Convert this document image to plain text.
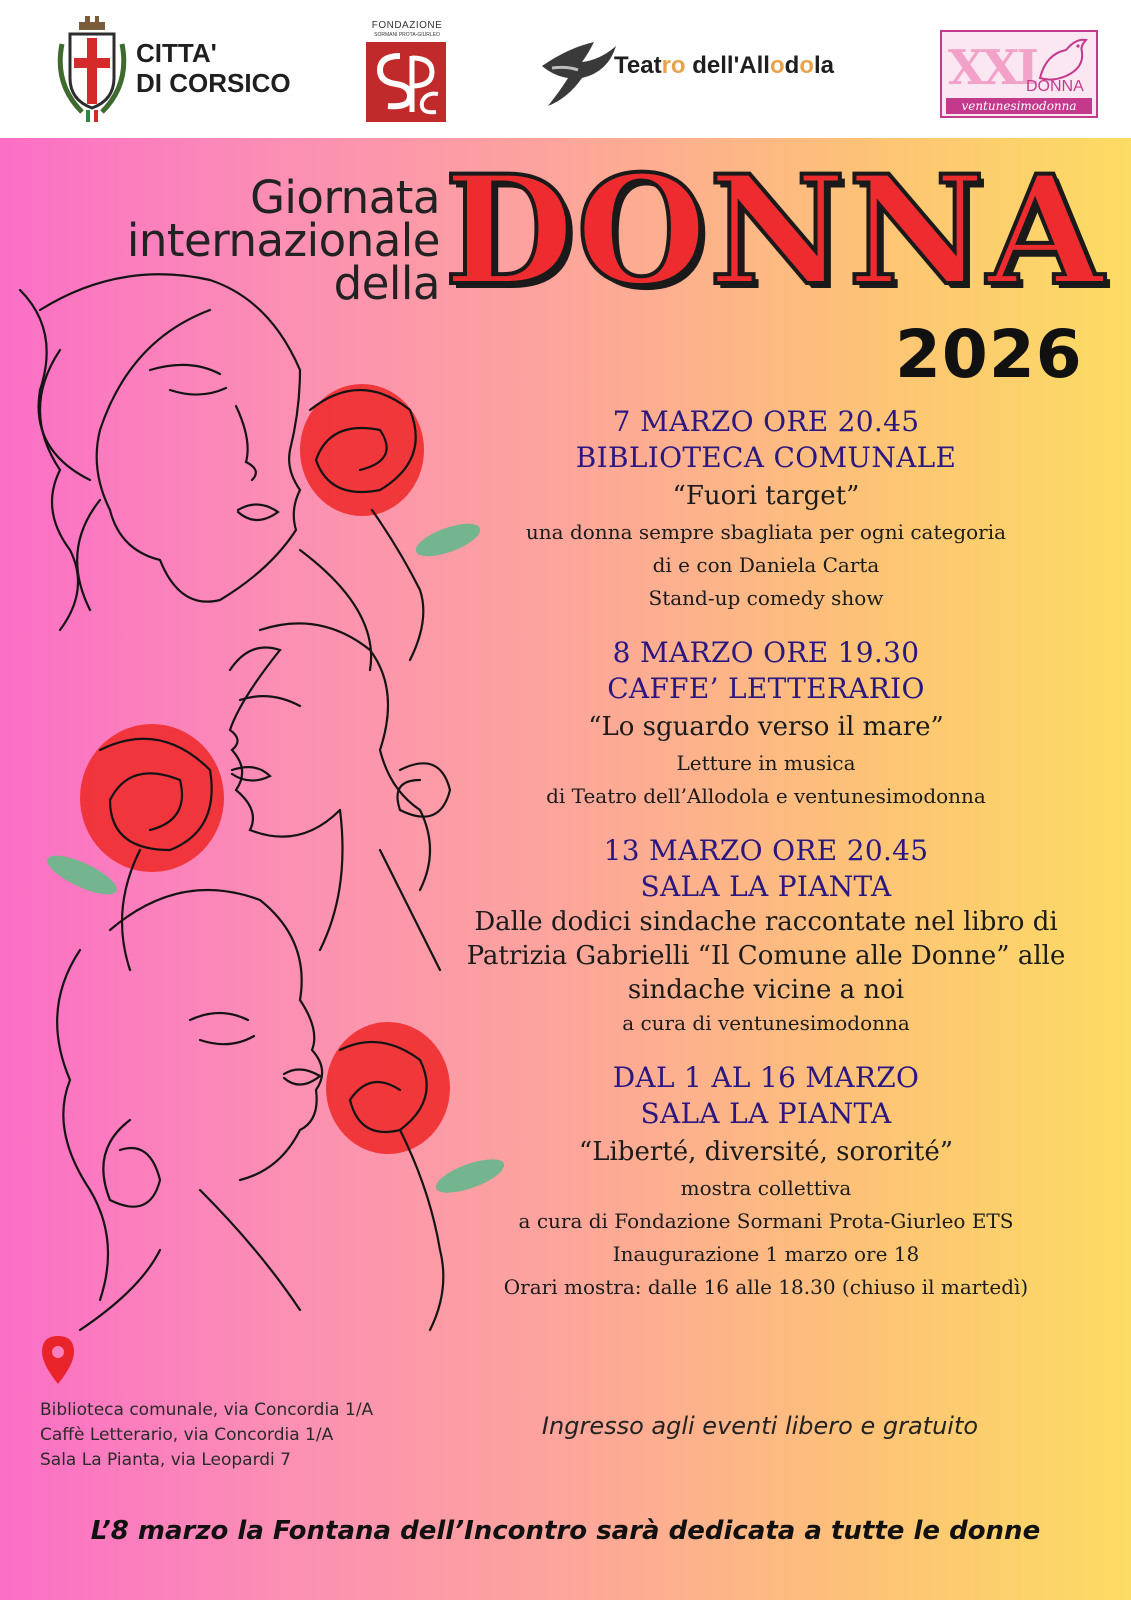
CITTA'
DI CORSICO
FONDAZIONE
SORMANI PROTA-GIURLEO
Teatro dell'Allodola XXI
DONNA
ventunesimodonna
Giornata
internazionale
della DONNA
2026
7 MARZO ORE 20.45
BIBLIOTECA COMUNALE
“Fuori target”
una donna sempre sbagliata per ogni categoria
di e con Daniela Carta
Stand-up comedy show
8 MARZO ORE 19.30
CAFFE’ LETTERARIO
“Lo sguardo verso il mare”
Letture in musica
di Teatro dell’Allodola e ventunesimodonna
13 MARZO ORE 20.45
SALA LA PIANTA
Dalle dodici sindache raccontate nel libro di
Patrizia Gabrielli “Il Comune alle Donne” alle
sindache vicine a noi
a cura di ventunesimodonna
DAL 1 AL 16 MARZO
SALA LA PIANTA
“Liberté, diversité, sororité”
mostra collettiva
a cura di Fondazione Sormani Prota-Giurleo ETS
Inaugurazione 1 marzo ore 18
Orari mostra: dalle 16 alle 18.30 (chiuso il martedì)
Biblioteca comunale, via Concordia 1/A
Caffè Letterario, via Concordia 1/A
Sala La Pianta, via Leopardi 7
Ingresso agli eventi libero e gratuito
L’8 marzo la Fontana dell’Incontro sarà dedicata a tutte le donne
